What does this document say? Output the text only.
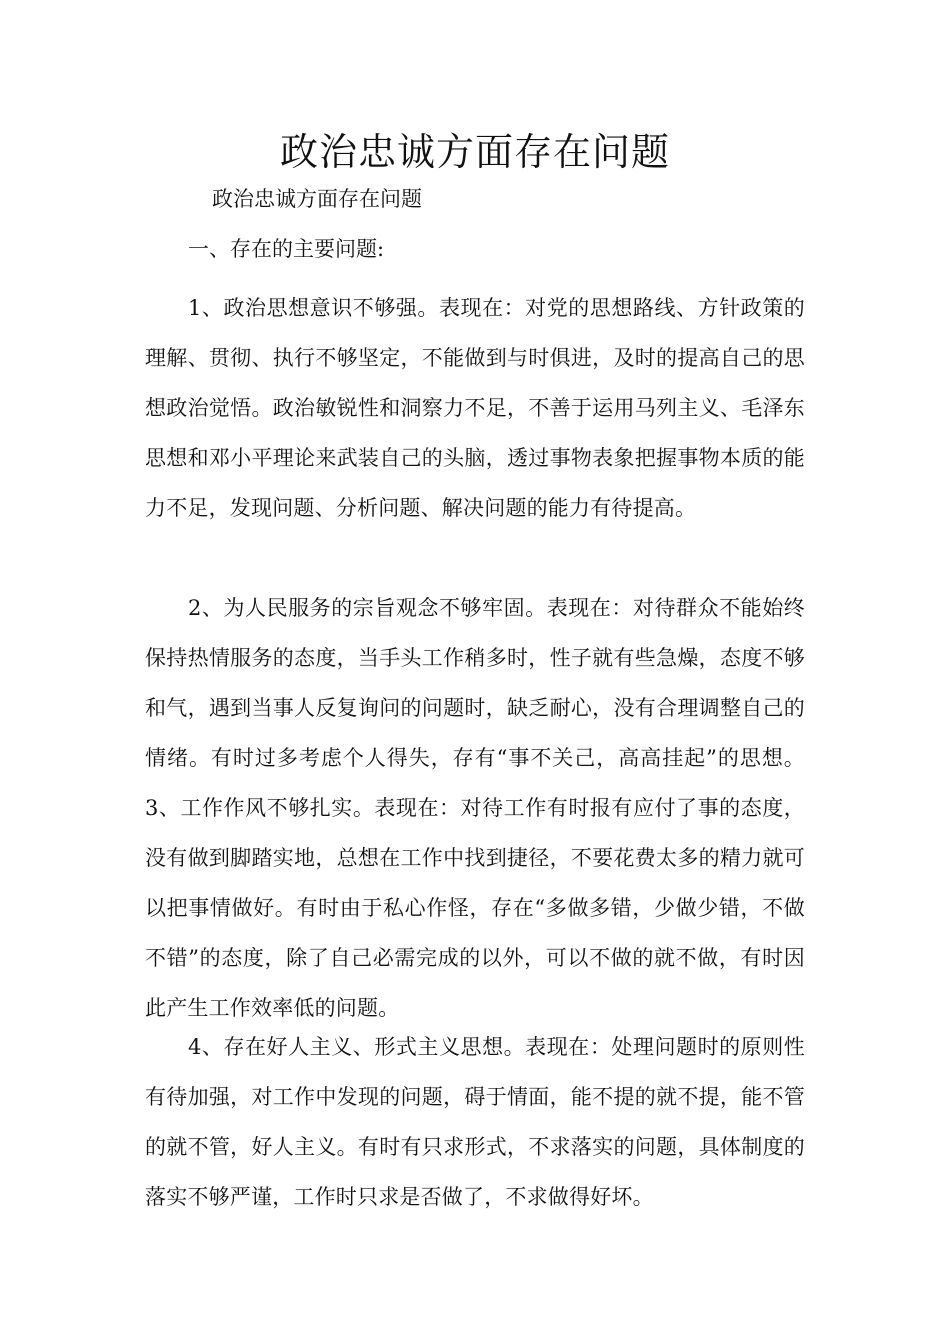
政治忠诚方面存在问题

政治忠诚方面存在问题

一、存在的主要问题:

1、政治思想意识不够强。表现在：对党的思想路线、方针政策的理解、贯彻、执行不够坚定，不能做到与时俱进，及时的提高自己的思想政治觉悟。政治敏锐性和洞察力不足，不善于运用马列主义、毛泽东思想和邓小平理论来武装自己的头脑，透过事物表象把握事物本质的能力不足，发现问题、分析问题、解决问题的能力有待提高。

2、为人民服务的宗旨观念不够牢固。表现在：对待群众不能始终保持热情服务的态度，当手头工作稍多时，性子就有些急燥，态度不够和气，遇到当事人反复询问的问题时，缺乏耐心，没有合理调整自己的情绪。有时过多考虑个人得失，存有“事不关己，高高挂起”的思想。3、工作作风不够扎实。表现在：对待工作有时报有应付了事的态度，没有做到脚踏实地，总想在工作中找到捷径，不要花费太多的精力就可以把事情做好。有时由于私心作怪，存在“多做多错，少做少错，不做不错”的态度，除了自己必需完成的以外，可以不做的就不做，有时因此产生工作效率低的问题。

4、存在好人主义、形式主义思想。表现在：处理问题时的原则性有待加强，对工作中发现的问题，碍于情面，能不提的就不提，能不管的就不管，好人主义。有时有只求形式，不求落实的问题，具体制度的落实不够严谨，工作时只求是否做了，不求做得好坏。
